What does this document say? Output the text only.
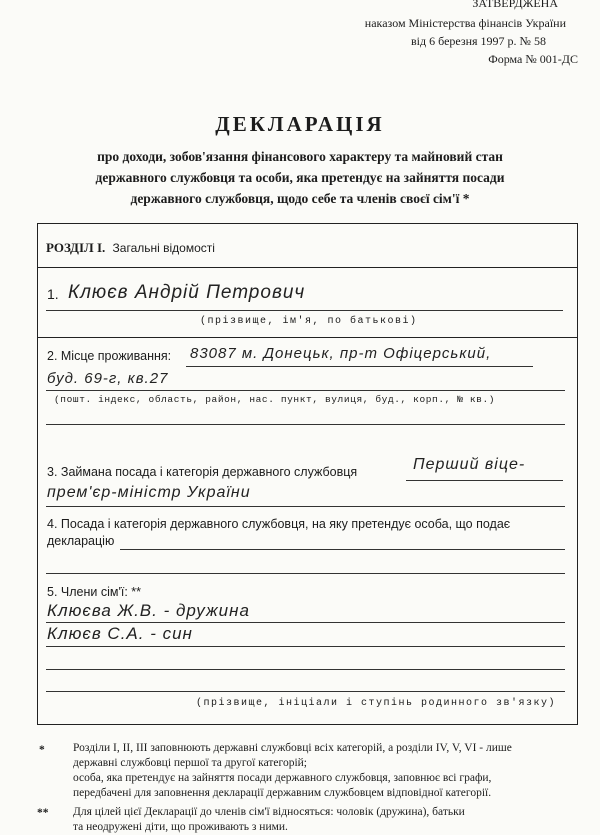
ЗАТВЕРДЖЕНА
наказом Міністерства фінансів України
від 6 березня 1997 р. № 58
Форма № 001-ДС
ДЕКЛАРАЦІЯ
про доходи, зобов'язання фінансового характеру та майновий стан
державного службовця та особи, яка претендує на зайняття посади
державного службовця, щодо себе та членів своєї сім'ї *
РОЗДІЛ І. Загальні відомості
1. Клюєв Андрій Петрович
(прізвище, ім'я, по батькові)
2. Місце проживання: 83087 м. Донецьк, пр-т Офіцерський,
буд. 69-г, кв.27
(пошт. індекс, область, район, нас. пункт, вулиця, буд., корп., № кв.)
3. Займана посада і категорія державного службовця	Перший віце-
прем'єр-міністр України
4. Посада і категорія державного службовця, на яку претендує особа, що подає
декларацію
5. Члени сім'ї: **
Клюєва Ж.В. - дружина
Клюєв С.А. - син
(прізвище, ініціали і ступінь родинного зв'язку)
* Розділи І, ІІ, ІІІ заповнюють державні службовці всіх категорій, а розділи IV, V, VI - лише
державні службовці першої та другої категорій;
особа, яка претендує на зайняття посади державного службовця, заповнює всі графи,
передбачені для заповнення декларації державним службовцем відповідної категорії.
** Для цілей цієї Декларації до членів сім'ї відносяться: чоловік (дружина), батьки
та неодружені діти, що проживають з ними.
